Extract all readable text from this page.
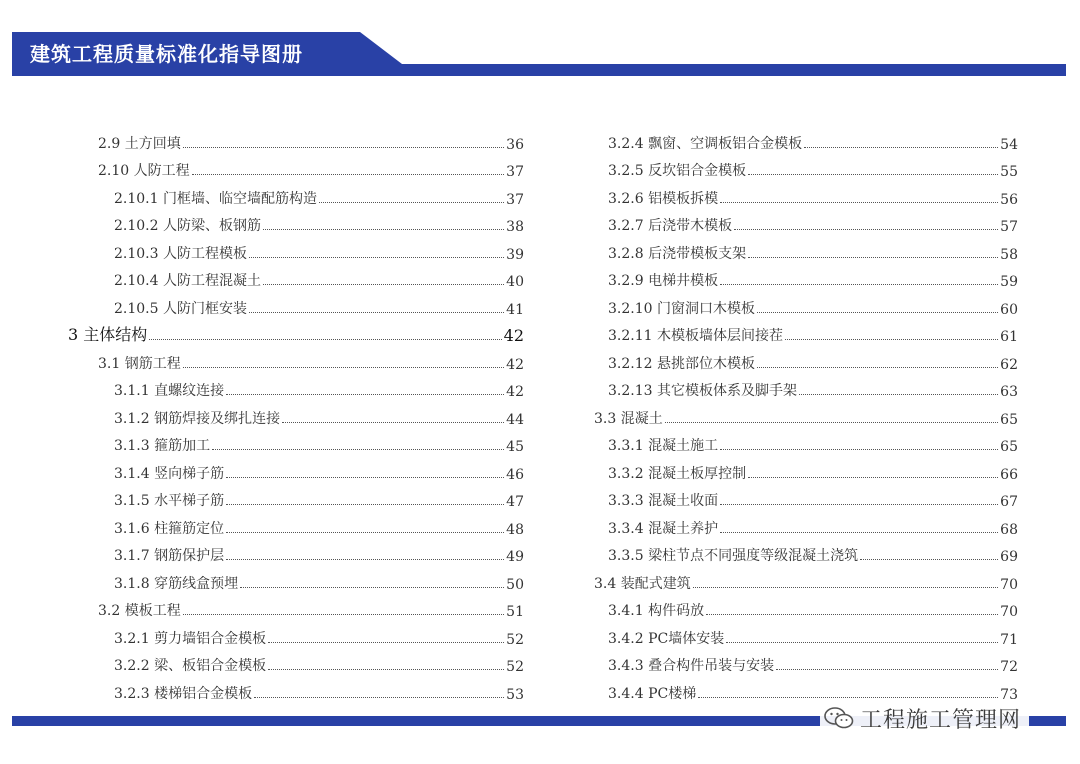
建筑工程质量标准化指导图册
2.9 土方回填	36
2.10 人防工程	37
2.10.1 门框墙、临空墙配筋构造	37
2.10.2 人防梁、板钢筋	38
2.10.3 人防工程模板	39
2.10.4 人防工程混凝土	40
2.10.5 人防门框安装	41
3 主体结构	42
3.1 钢筋工程	42
3.1.1 直螺纹连接	42
3.1.2 钢筋焊接及绑扎连接	44
3.1.3 箍筋加工	45
3.1.4 竖向梯子筋	46
3.1.5 水平梯子筋	47
3.1.6 柱箍筋定位	48
3.1.7 钢筋保护层	49
3.1.8 穿筋线盒预埋	50
3.2 模板工程	51
3.2.1 剪力墙铝合金模板	52
3.2.2 梁、板铝合金模板	52
3.2.3 楼梯铝合金模板	53
3.2.4 飘窗、空调板铝合金模板	54
3.2.5 反坎铝合金模板	55
3.2.6 铝模板拆模	56
3.2.7 后浇带木模板	57
3.2.8 后浇带模板支架	58
3.2.9 电梯井模板	59
3.2.10 门窗洞口木模板	60
3.2.11 木模板墙体层间接茬	61
3.2.12 悬挑部位木模板	62
3.2.13 其它模板体系及脚手架	63
3.3 混凝土	65
3.3.1 混凝土施工	65
3.3.2 混凝土板厚控制	66
3.3.3 混凝土收面	67
3.3.4 混凝土养护	68
3.3.5 梁柱节点不同强度等级混凝土浇筑	69
3.4 装配式建筑	70
3.4.1 构件码放	70
3.4.2 PC墙体安装	71
3.4.3 叠合构件吊装与安装	72
3.4.4 PC楼梯	73
工程施工管理网
